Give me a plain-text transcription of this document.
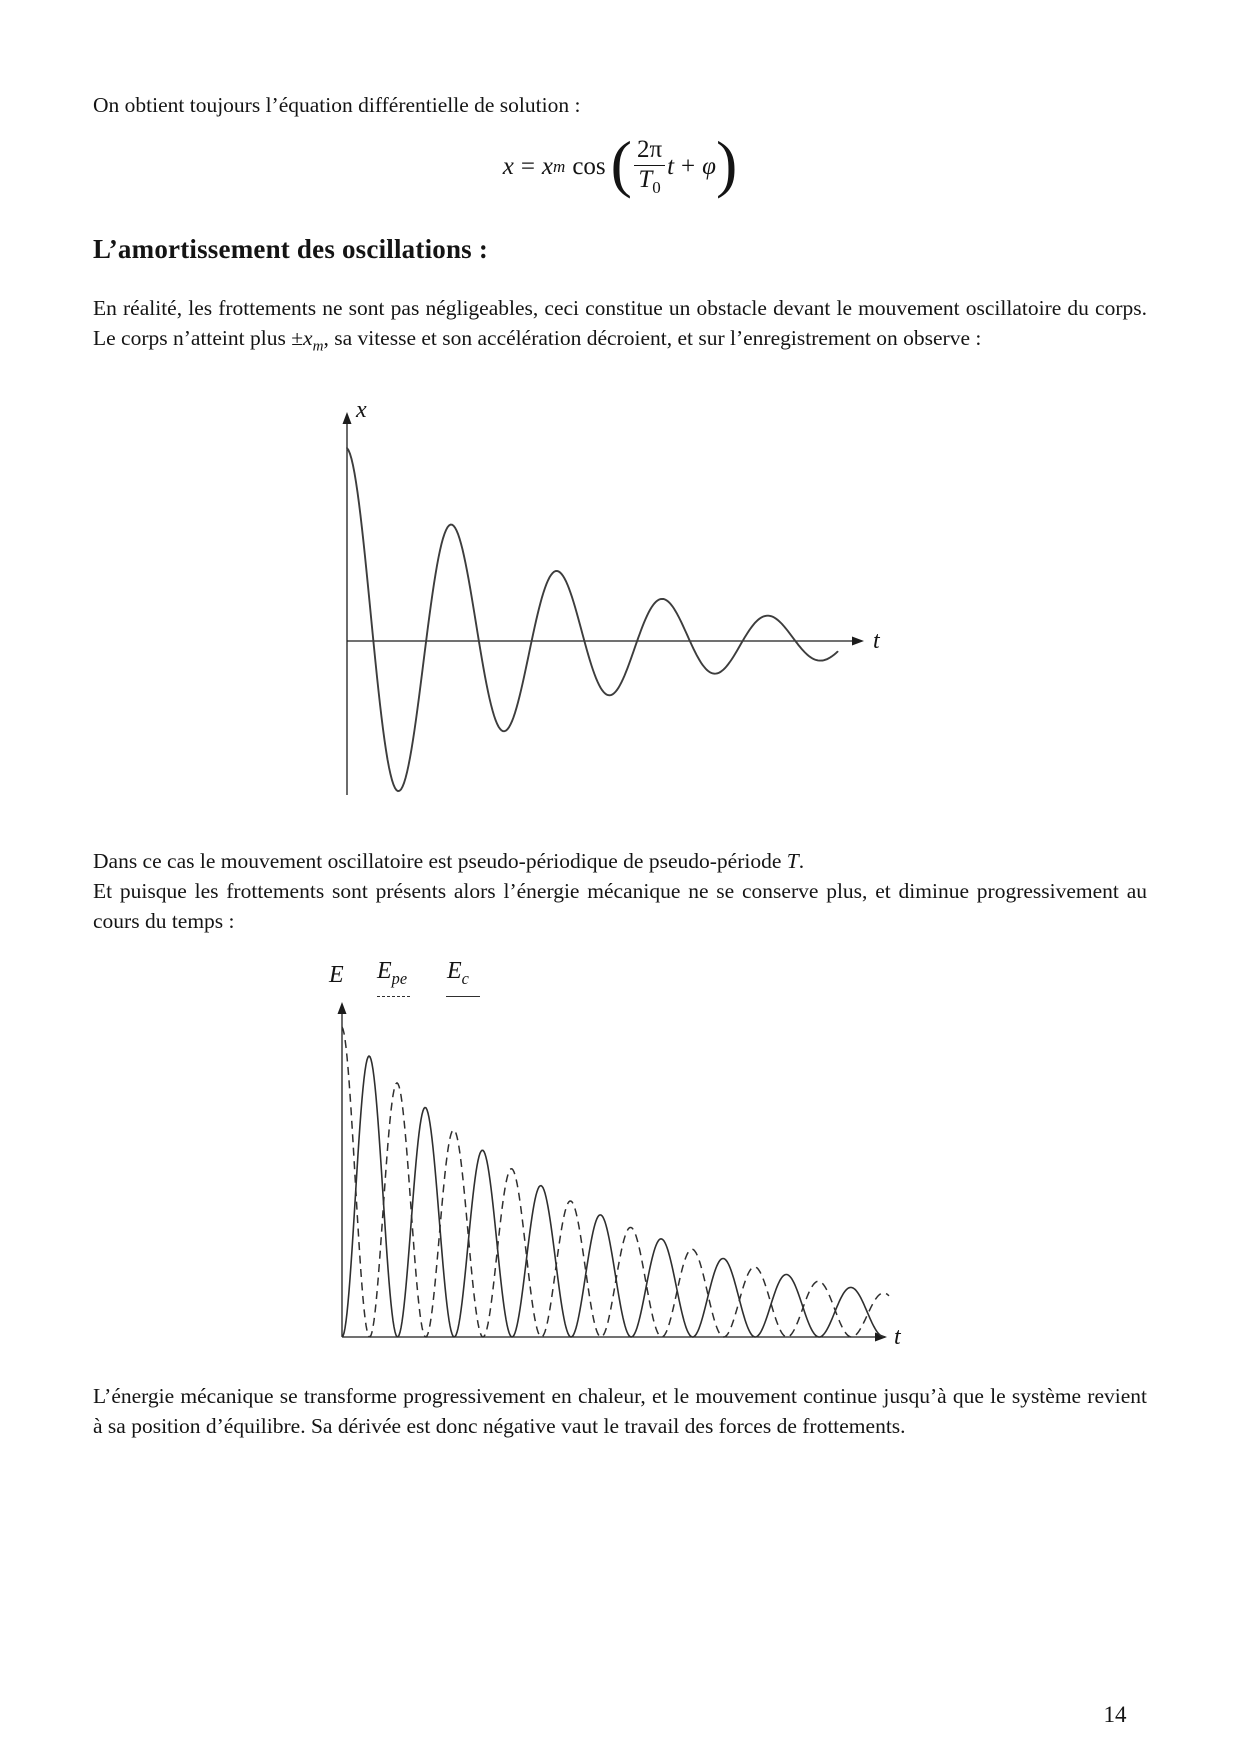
On obtient toujours l’équation différentielle de solution :

x = x m cos ( $\frac{2\pi}{T_0}$ t + φ )
L’amortissement des oscillations :

En réalité, les frottements ne sont pas négligeables, ceci constitue un obstacle devant le mouvement oscillatoire du corps. Le corps n’atteint plus $\pm x_m$, sa vitesse et son accélération décroient, et sur l’enregistrement on observe :

x
t

Dans ce cas le mouvement oscillatoire est pseudo-périodique de pseudo-période T.
Et puisque les frottements sont présents alors l’énergie mécanique ne se conserve plus, et diminue progressivement au cours du temps :

E $E_{pe}$ $E_c$
t

L’énergie mécanique se transforme progressivement en chaleur, et le mouvement continue jusqu’à que le système revient à sa position d’équilibre. Sa dérivée est donc négative vaut le travail des forces de frottements.

14
